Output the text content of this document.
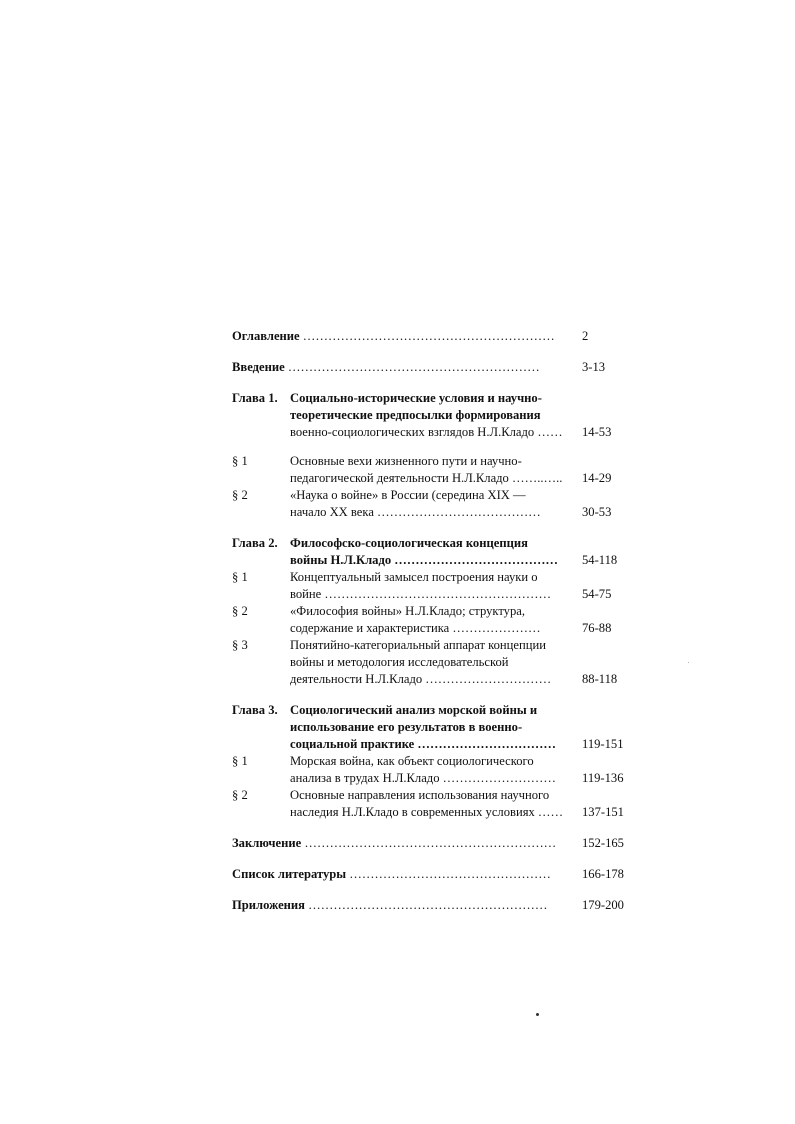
Оглавление ……………………………………………………	2
Введение ……………………………………………………	3-13
Глава 1. Социально-исторические условия и научно-
теоретические предпосылки формирования
военно-социологических взглядов Н.Л.Кладо ……	14-53
§ 1	Основные вехи жизненного пути и научно-
педагогической деятельности Н.Л.Кладо ……..…..	14-29
§ 2	«Наука о войне» в России (середина XIX —
начало XX века …………………………………	30-53
Глава 2. Философско-социологическая концепция
войны Н.Л.Кладо …………………………………	54-118
§ 1	Концептуальный замысел построения науки о
войне ………………………………………………	54-75
§ 2	«Философия войны» Н.Л.Кладо; структура,
содержание и характеристика …………………	76-88
§ 3	Понятийно-категориальный аппарат концепции
войны и методология исследовательской
деятельности Н.Л.Кладо …………………………	88-118
Глава 3. Социологический анализ морской войны и
использование его результатов в военно-
социальной практике ……………………………	119-151
§ 1	Морская война, как объект социологического
анализа в трудах Н.Л.Кладо ………………………	119-136
§ 2	Основные направления использования научного
наследия Н.Л.Кладо в современных условиях ……	137-151
Заключение ……………………………………………………	152-165
Список литературы …………………………………………	166-178
Приложения …………………………………………………	179-200
